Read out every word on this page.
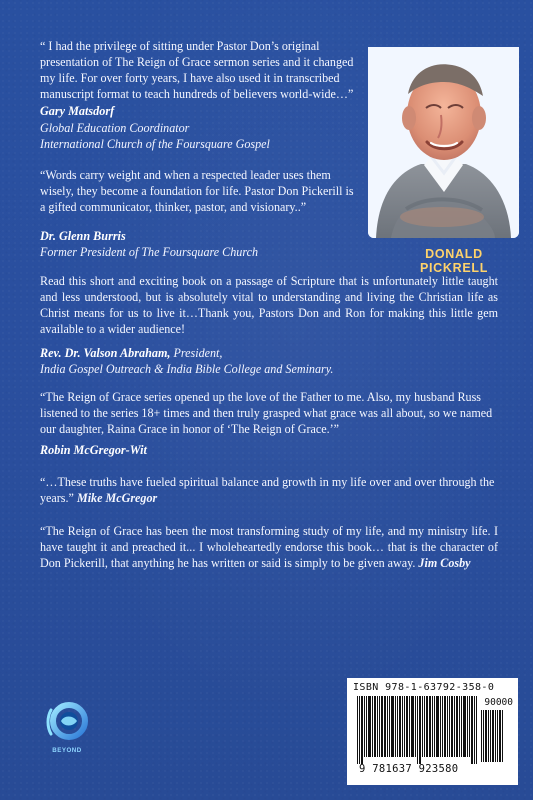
“ I had the privilege of sitting under Pastor Don’s original presentation of The Reign of Grace sermon series and it changed my life. For over forty years, I have also used it in transcribed manuscript format to teach hundreds of believers world-wide…”

Gary Matsdorf
Global Education Coordinator
International Church of the Foursquare Gospel

“Words carry weight and when a respected leader uses them wisely, they become a foundation for life. Pastor Don Pickerill is a gifted communicator, thinker, pastor, and visionary..”

Dr. Glenn Burris
Former President of The Foursquare Church	DONALD PICKRELL

Read this short and exciting book on a passage of Scripture that is unfortunately little taught and less understood, but is absolutely vital to understanding and living the Christian life as Christ means for us to live it…Thank you, Pastors Don and Ron for making this little gem available to a wider audience!

Rev. Dr. Valson Abraham, President,
India Gospel Outreach & India Bible College and Seminary.

“The Reign of Grace series opened up the love of the Father to me. Also, my husband Russ listened to the series 18+ times and then truly grasped what grace was all about, so we named our daughter, Raina Grace in honor of ‘The Reign of Grace.’”

Robin McGregor-Wit

“…These truths have fueled spiritual balance and growth in my life over and over through the years.” Mike McGregor

“The Reign of Grace has been the most transforming study of my life, and my ministry life. I have taught it and preached it... I wholeheartedly endorse this book… that is the character of Don Pickerill, that anything he has written or said is simply to be given away. Jim Cosby

BEYOND
ISBN 978-1-63792-358-0
90000
9 781637 923580
